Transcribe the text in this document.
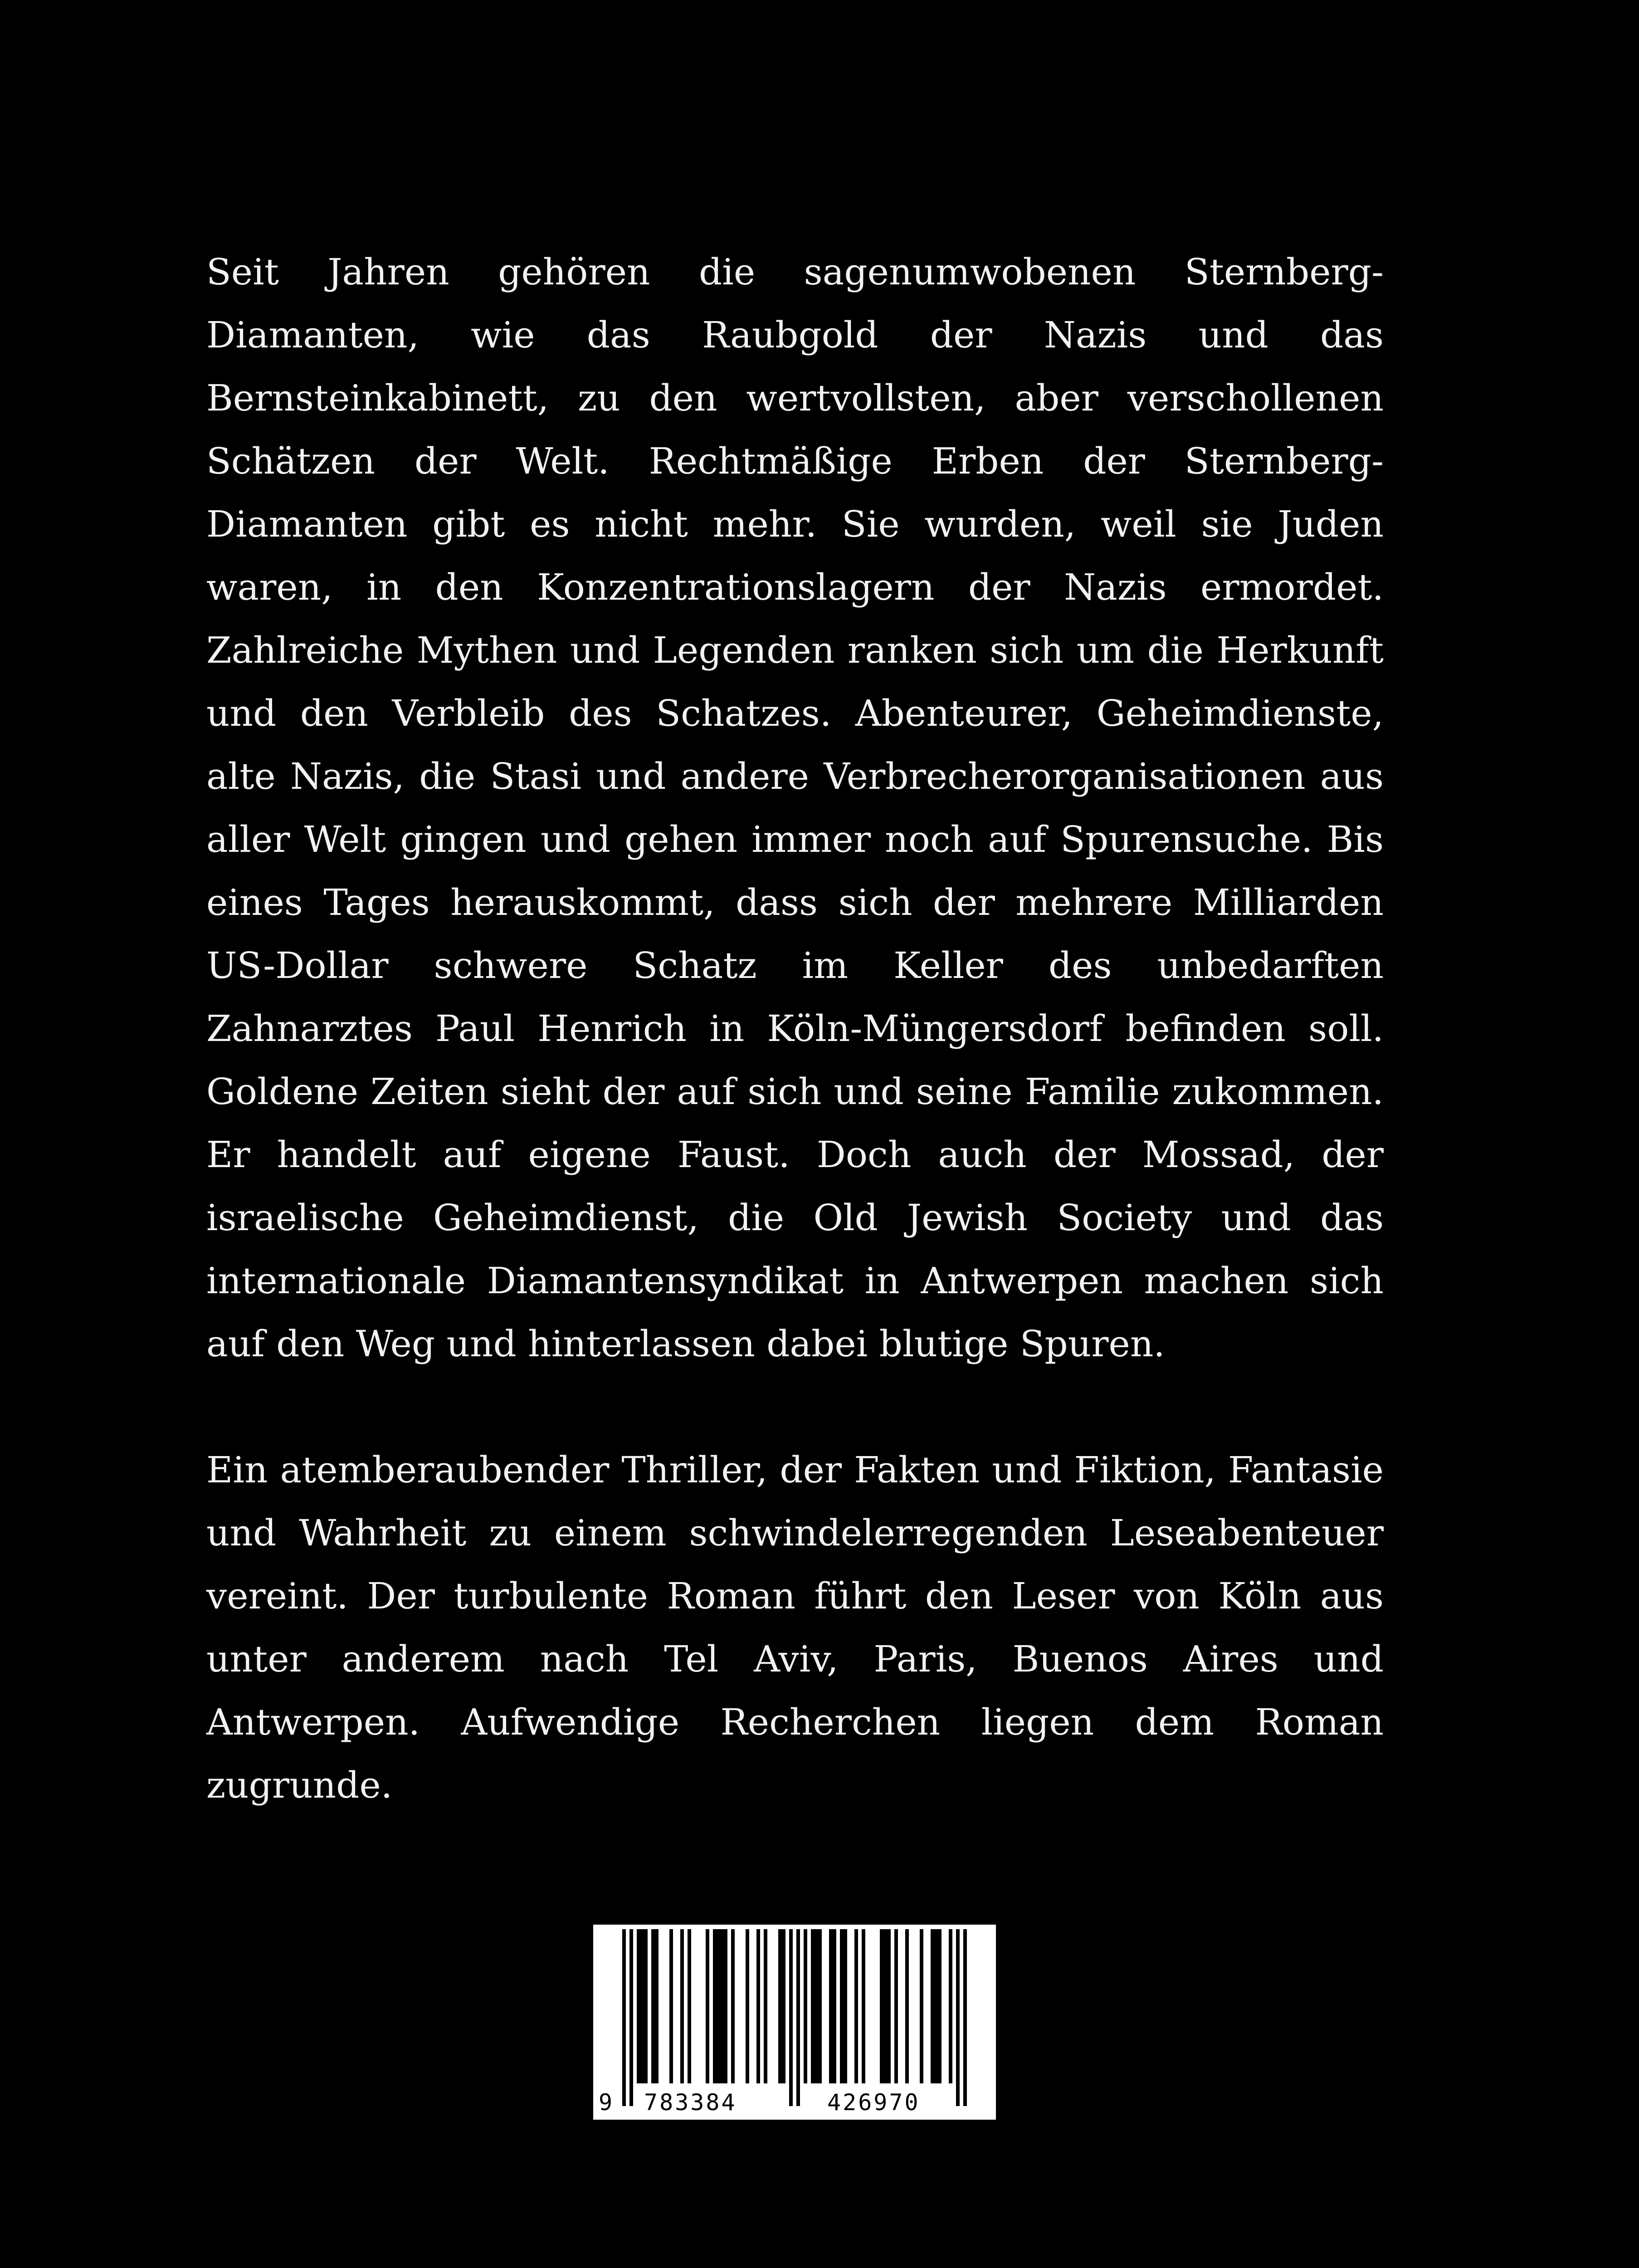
Seit Jahren gehören die sagenumwobenen Sternberg-Diamanten, wie das Raubgold der Nazis und das Bernsteinkabinett, zu den wertvollsten, aber verschollenen Schätzen der Welt. Rechtmäßige Erben der Sternberg-Diamanten gibt es nicht mehr. Sie wurden, weil sie Juden waren, in den Konzentrationslagern der Nazis ermordet. Zahlreiche Mythen und Legenden ranken sich um die Herkunft und den Verbleib des Schatzes. Abenteurer, Geheimdienste, alte Nazis, die Stasi und andere Verbrecherorganisationen aus aller Welt gingen und gehen immer noch auf Spurensuche. Bis eines Tages herauskommt, dass sich der mehrere Milliarden US-Dollar schwere Schatz im Keller des unbedarften Zahnarztes Paul Henrich in Köln-Müngersdorf befinden soll. Goldene Zeiten sieht der auf sich und seine Familie zukommen. Er handelt auf eigene Faust. Doch auch der Mossad, der israelische Geheimdienst, die Old Jewish Society und das internationale Diamantensyndikat in Antwerpen machen sich auf den Weg und hinterlassen dabei blutige Spuren.

Ein atemberaubender Thriller, der Fakten und Fiktion, Fantasie und Wahrheit zu einem schwindelerregenden Leseabenteuer vereint. Der turbulente Roman führt den Leser von Köln aus unter anderem nach Tel Aviv, Paris, Buenos Aires und Antwerpen. Aufwendige Recherchen liegen dem Roman zugrunde.

9 783384	426970
